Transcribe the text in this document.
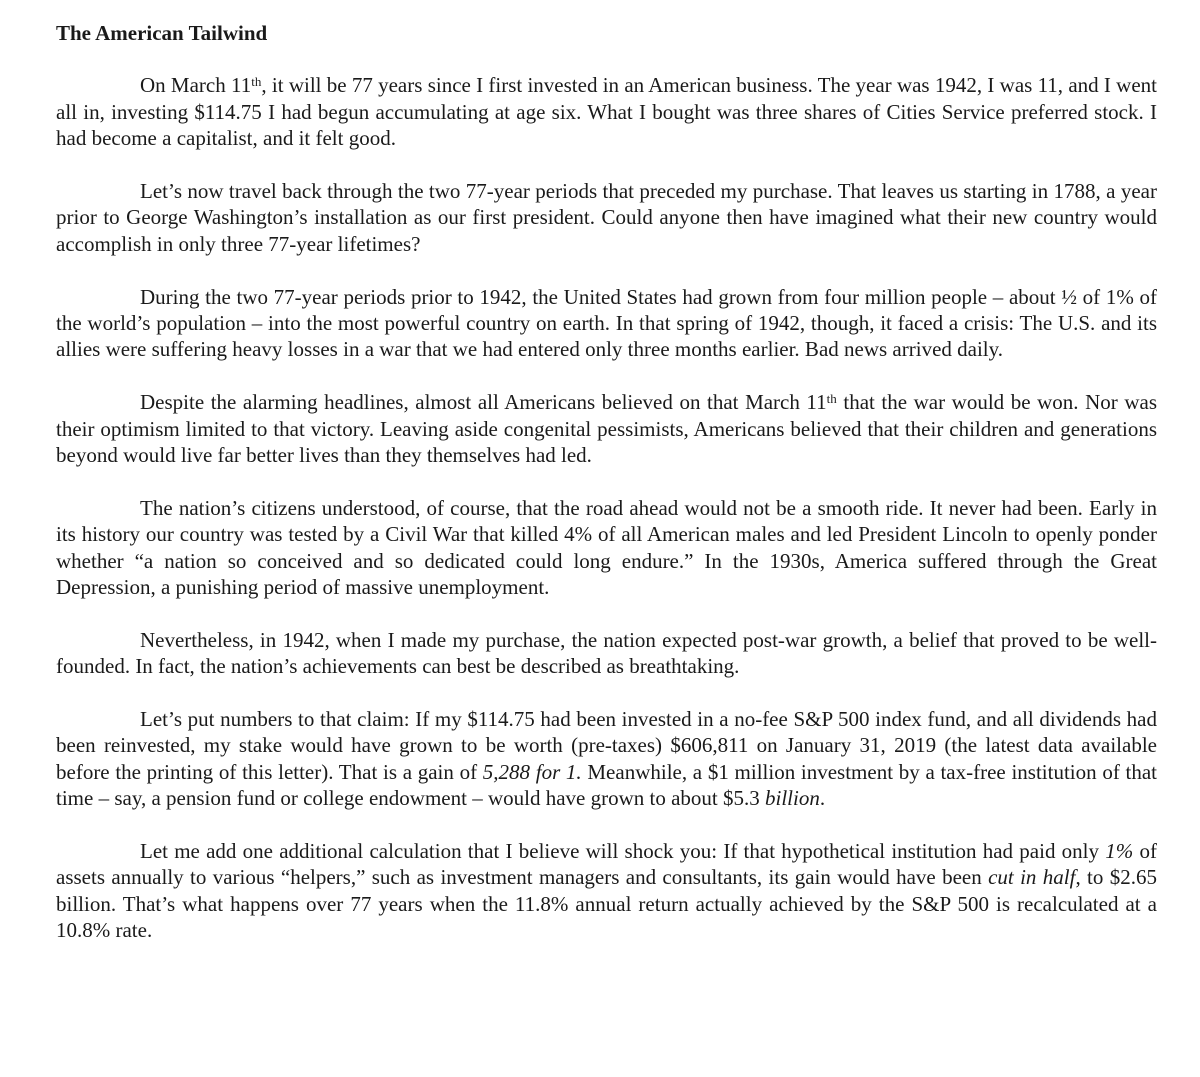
The American Tailwind

On March 11th, it will be 77 years since I first invested in an American business. The year was 1942, I was 11, and I went all in, investing $114.75 I had begun accumulating at age six. What I bought was three shares of Cities Service preferred stock. I had become a capitalist, and it felt good.

Let’s now travel back through the two 77-year periods that preceded my purchase. That leaves us starting in 1788, a year prior to George Washington’s installation as our first president. Could anyone then have imagined what their new country would accomplish in only three 77-year lifetimes?

During the two 77-year periods prior to 1942, the United States had grown from four million people – about ½ of 1% of the world’s population – into the most powerful country on earth. In that spring of 1942, though, it faced a crisis: The U.S. and its allies were suffering heavy losses in a war that we had entered only three months earlier. Bad news arrived daily.

Despite the alarming headlines, almost all Americans believed on that March 11th that the war would be won. Nor was their optimism limited to that victory. Leaving aside congenital pessimists, Americans believed that their children and generations beyond would live far better lives than they themselves had led.

The nation’s citizens understood, of course, that the road ahead would not be a smooth ride. It never had been. Early in its history our country was tested by a Civil War that killed 4% of all American males and led President Lincoln to openly ponder whether “a nation so conceived and so dedicated could long endure.” In the 1930s, America suffered through the Great Depression, a punishing period of massive unemployment.

Nevertheless, in 1942, when I made my purchase, the nation expected post-war growth, a belief that proved to be well-founded. In fact, the nation’s achievements can best be described as breathtaking.

Let’s put numbers to that claim: If my $114.75 had been invested in a no-fee S&P 500 index fund, and all dividends had been reinvested, my stake would have grown to be worth (pre-taxes) $606,811 on January 31, 2019 (the latest data available before the printing of this letter). That is a gain of 5,288 for 1. Meanwhile, a $1 million investment by a tax-free institution of that time – say, a pension fund or college endowment – would have grown to about $5.3 billion.

Let me add one additional calculation that I believe will shock you: If that hypothetical institution had paid only 1% of assets annually to various “helpers,” such as investment managers and consultants, its gain would have been cut in half, to $2.65 billion. That’s what happens over 77 years when the 11.8% annual return actually achieved by the S&P 500 is recalculated at a 10.8% rate.
